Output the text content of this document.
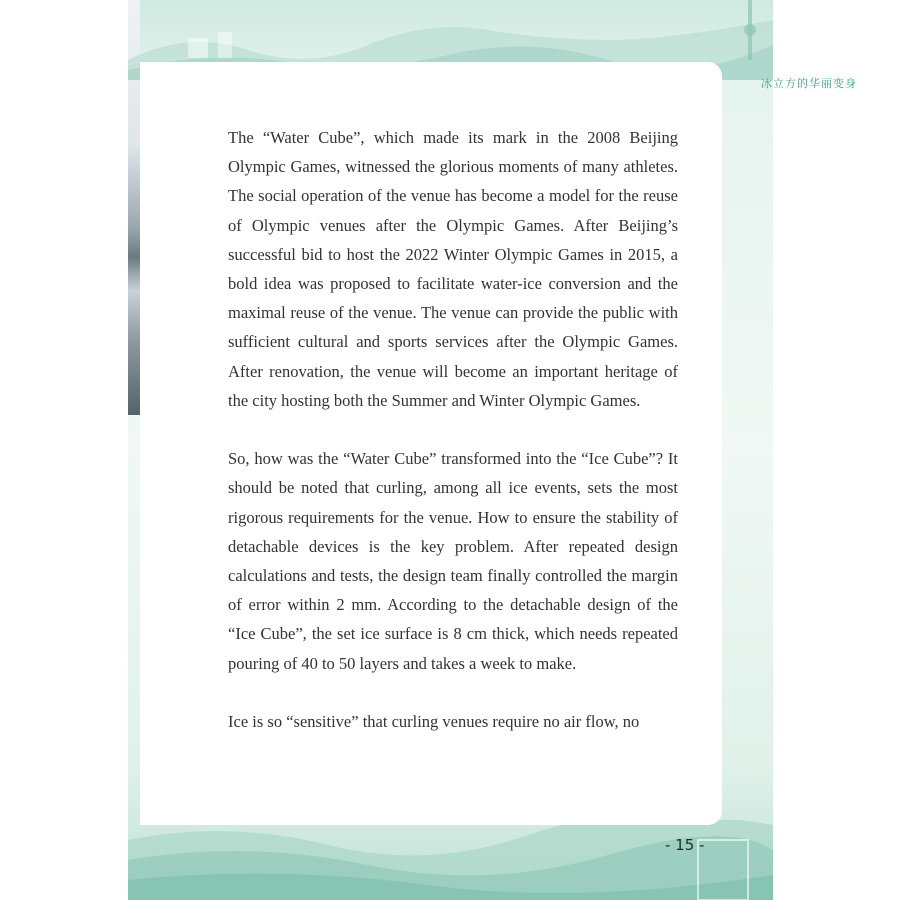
冰立方的华丽变身

The “Water Cube”, which made its mark in the 2008 Beijing Olympic Games, witnessed the glorious moments of many athletes. The social operation of the venue has become a model for the reuse of Olympic venues after the Olympic Games. After Beijing’s successful bid to host the 2022 Winter Olympic Games in 2015, a bold idea was proposed to facilitate water-ice conversion and the maximal reuse of the venue. The venue can provide the public with sufficient cultural and sports services after the Olympic Games. After renovation, the venue will become an important heritage of the city hosting both the Summer and Winter Olympic Games.

So, how was the “Water Cube” transformed into the “Ice Cube”? It should be noted that curling, among all ice events, sets the most rigorous requirements for the venue. How to ensure the stability of detachable devices is the key problem. After repeated design calculations and tests, the design team finally controlled the margin of error within 2 mm. According to the detachable design of the “Ice Cube”, the set ice surface is 8 cm thick, which needs repeated pouring of 40 to 50 layers and takes a week to make.

Ice is so “sensitive” that curling venues require no air flow, no

- 15 -
